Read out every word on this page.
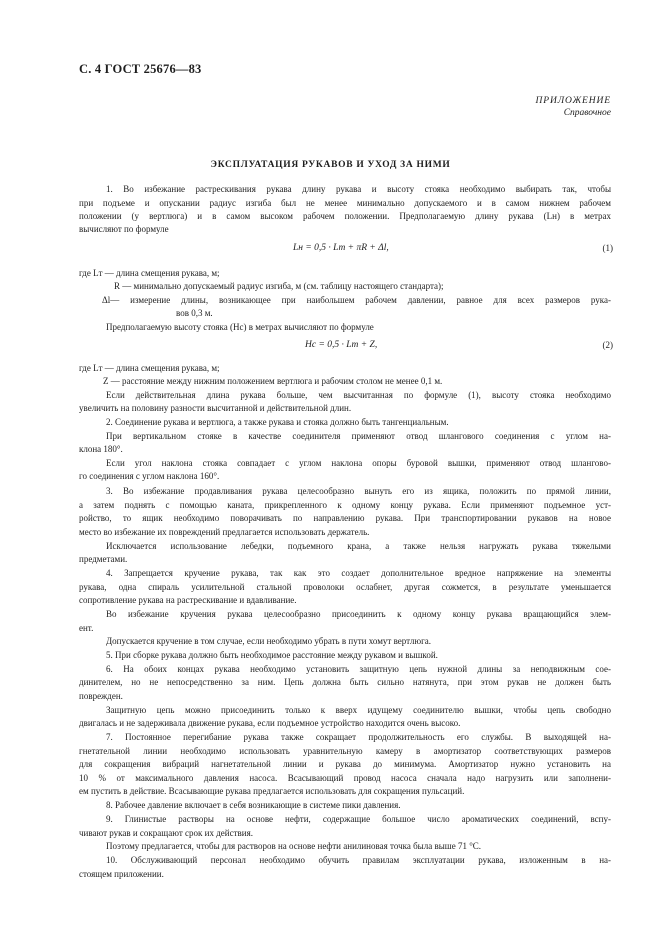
С. 4 ГОСТ 25676—83
ПРИЛОЖЕНИЕ
Справочное
ЭКСПЛУАТАЦИЯ РУКАВОВ И УХОД ЗА НИМИ
1. Во избежание растрескивания рукава длину рукава и высоту стояка необходимо выбирать так, чтобы
при подъеме и опускании радиус изгиба был не менее минимально допускаемого и в самом нижнем рабочем
положении (у вертлюга) и в самом высоком рабочем положении. Предполагаемую длину рукава (Lн) в метрах
вычисляют по формуле
Lн = 0,5 · Lт + πR + Δl,	(1)
где Lт — длина смещения рукава, м;
R — минимально допускаемый радиус изгиба, м (см. таблицу настоящего стандарта);
Δl— измерение длины, возникающее при наибольшем рабочем давлении, равное для всех размеров рука-
вов 0,3 м.
Предполагаемую высоту стояка (Hс) в метрах вычисляют по формуле
Hс = 0,5 · Lт + Z,	(2)
где Lт — длина смещения рукава, м;
Z — расстояние между нижним положением вертлюга и рабочим столом не менее 0,1 м.
Если действительная длина рукава больше, чем высчитанная по формуле (1), высоту стояка необходимо
увеличить на половину разности высчитанной и действительной длин.
2. Соединение рукава и вертлюга, а также рукава и стояка должно быть тангенциальным.
При вертикальном стояке в качестве соединителя применяют отвод шлангового соединения с углом на-
клона 180°.
Если угол наклона стояка совпадает с углом наклона опоры буровой вышки, применяют отвод шлангово-
го соединения с углом наклона 160°.
3. Во избежание продавливания рукава целесообразно вынуть его из ящика, положить по прямой линии,
а затем поднять с помощью каната, прикрепленного к одному концу рукава. Если применяют подъемное уст-
ройство, то ящик необходимо поворачивать по направлению рукава. При транспортировании рукавов на новое
место во избежание их повреждений предлагается использовать держатель.
Исключается использование лебедки, подъемного крана, а также нельзя нагружать рукава тяжелыми
предметами.
4. Запрещается кручение рукава, так как это создает дополнительное вредное напряжение на элементы
рукава, одна спираль усилительной стальной проволоки ослабнет, другая сожмется, в результате уменьшается
сопротивление рукава на растрескивание и вдавливание.
Во избежание кручения рукава целесообразно присоединить к одному концу рукава вращающийся элем-
ент.
Допускается кручение в том случае, если необходимо убрать в пути хомут вертлюга.
5. При сборке рукава должно быть необходимое расстояние между рукавом и вышкой.
6. На обоих концах рукава необходимо установить защитную цепь нужной длины за неподвижным сое-
динителем, но не непосредственно за ним. Цепь должна быть сильно натянута, при этом рукав не должен быть
поврежден.
Защитную цепь можно присоединить только к вверх идущему соединителю вышки, чтобы цепь свободно
двигалась и не задерживала движение рукава, если подъемное устройство находится очень высоко.
7. Постоянное перегибание рукава также сокращает продолжительность его службы. В выходящей на-
гнетательной линии необходимо использовать уравнительную камеру в амортизатор соответствующих размеров
для сокращения вибраций нагнетательной линии и рукава до минимума. Амортизатор нужно установить на
10 % от максимального давления насоса. Всасывающий провод насоса сначала надо нагрузить или заполнени-
ем пустить в действие. Всасывающие рукава предлагается использовать для сокращения пульсаций.
8. Рабочее давление включает в себя возникающие в системе пики давления.
9. Глинистые растворы на основе нефти, содержащие большое число ароматических соединений, вспу-
чивают рукав и сокращают срок их действия.
Поэтому предлагается, чтобы для растворов на основе нефти анилиновая точка была выше 71 °С.
10. Обслуживающий персонал необходимо обучить правилам эксплуатации рукава, изложенным в на-
стоящем приложении.
